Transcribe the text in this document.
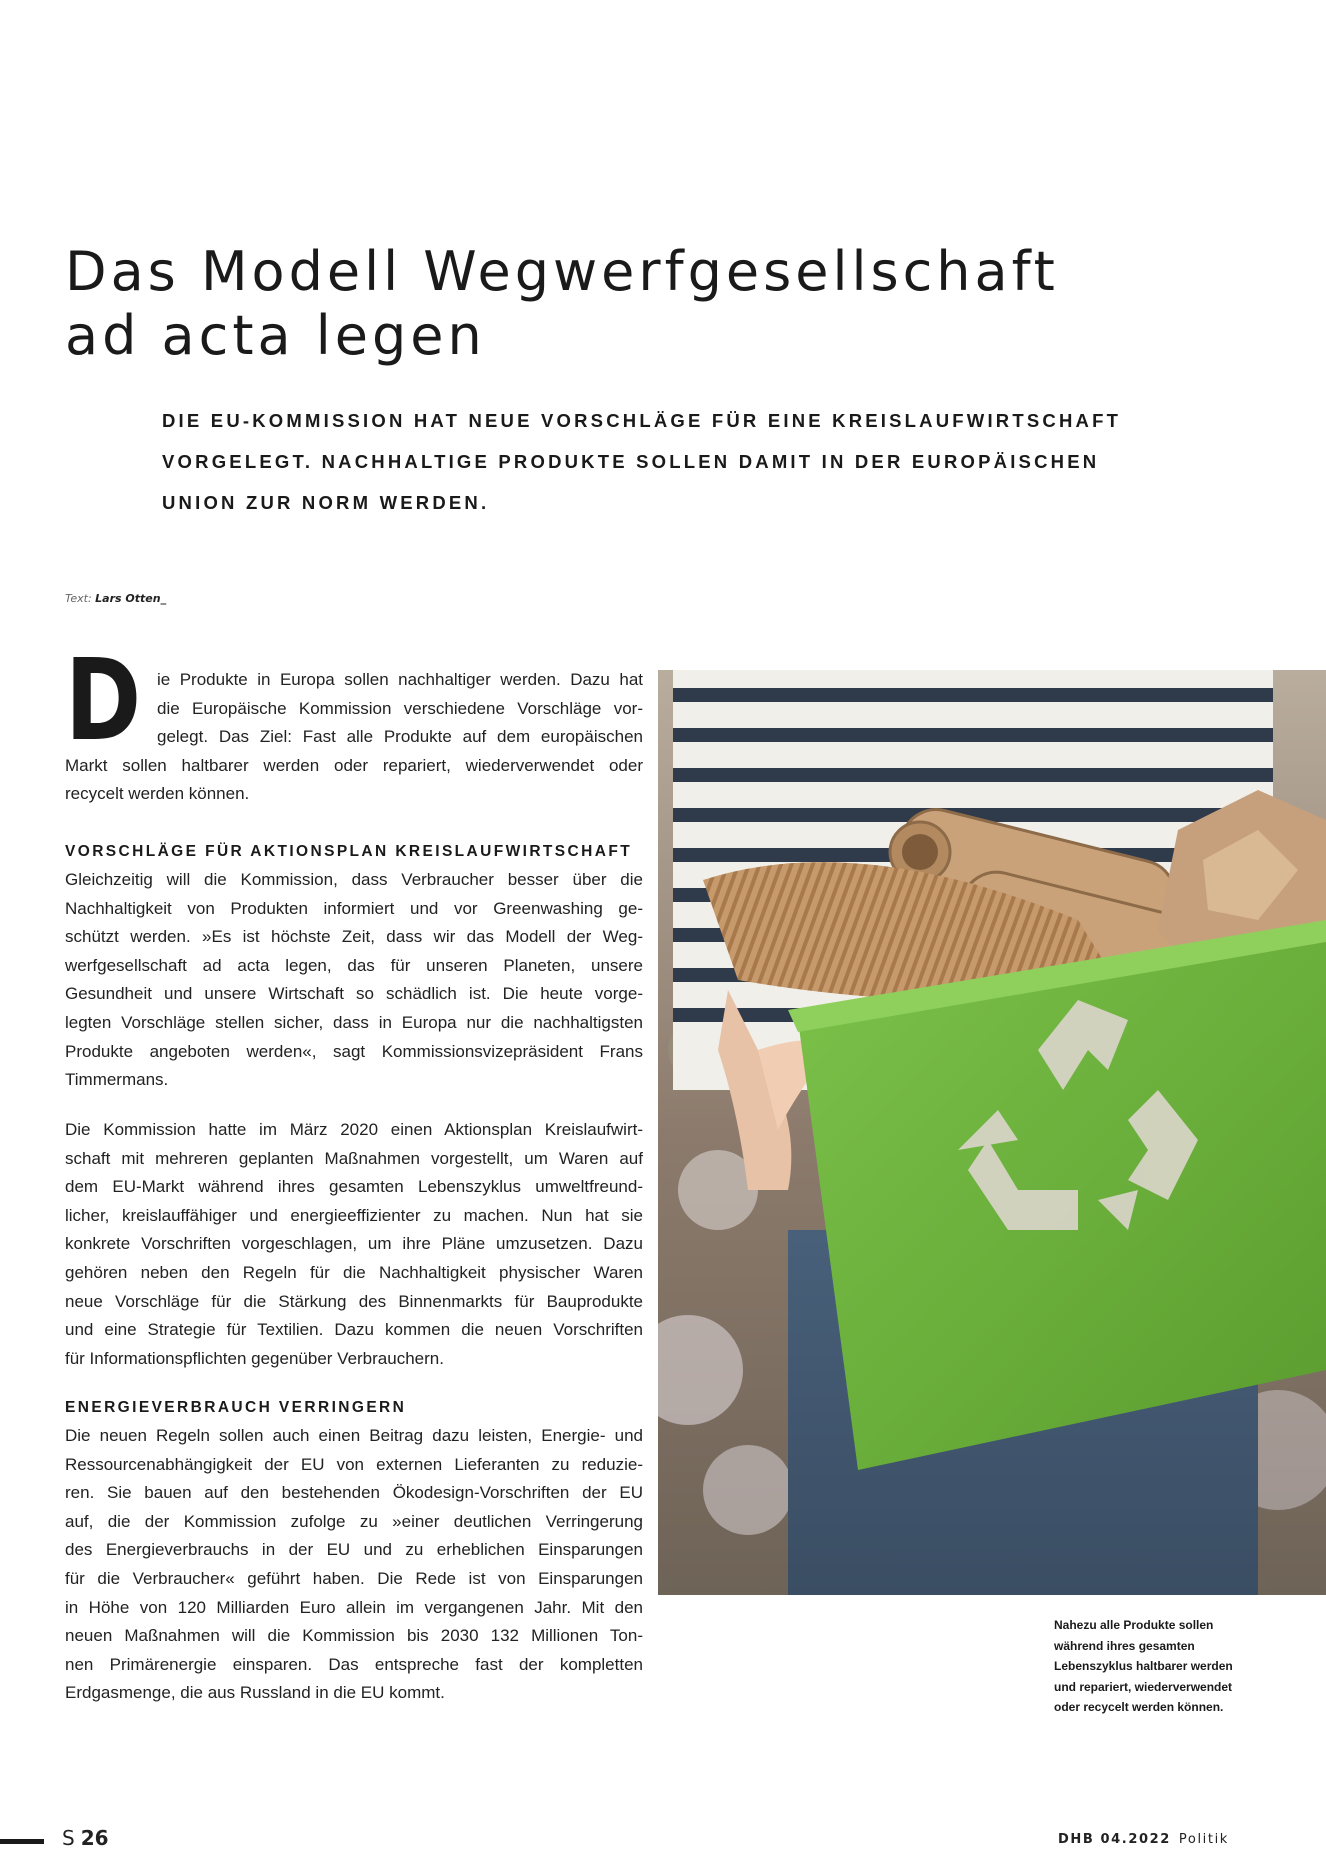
Das Modell Wegwerfgesellschaft
ad acta legen
DIE EU-KOMMISSION HAT NEUE VORSCHLÄGE FÜR EINE KREISLAUFWIRTSCHAFT
VORGELEGT. NACHHALTIGE PRODUKTE SOLLEN DAMIT IN DER EUROPÄISCHEN
UNION ZUR NORM WERDEN.
Text: Lars Otten_
D ie Produkte in Europa sollen nachhaltiger werden. Dazu hat

die Europäische Kommission verschiedene Vorschläge vor-

gelegt. Das Ziel: Fast alle Produkte auf dem europäischen

Markt sollen haltbarer werden oder repariert, wiederverwendet oder

recycelt werden können.

VORSCHLÄGE FÜR AKTIONSPLAN KREISLAUFWIRTSCHAFT

Gleichzeitig will die Kommission, dass Verbraucher besser über die

Nachhaltigkeit von Produkten informiert und vor Greenwashing ge-

schützt werden. »Es ist höchste Zeit, dass wir das Modell der Weg-

werfgesellschaft ad acta legen, das für unseren Planeten, unsere

Gesundheit und unsere Wirtschaft so schädlich ist. Die heute vorge-

legten Vorschläge stellen sicher, dass in Europa nur die nachhaltigsten

Produkte angeboten werden«, sagt Kommissionsvizepräsident Frans

Timmermans.

Die Kommission hatte im März 2020 einen Aktionsplan Kreislaufwirt-

schaft mit mehreren geplanten Maßnahmen vorgestellt, um Waren auf

dem EU-Markt während ihres gesamten Lebenszyklus umweltfreund-

licher, kreislauffähiger und energieeffizienter zu machen. Nun hat sie

konkrete Vorschriften vorgeschlagen, um ihre Pläne umzusetzen. Dazu

gehören neben den Regeln für die Nachhaltigkeit physischer Waren

neue Vorschläge für die Stärkung des Binnenmarkts für Bauprodukte

und eine Strategie für Textilien. Dazu kommen die neuen Vorschriften

für Informationspflichten gegenüber Verbrauchern.

ENERGIEVERBRAUCH VERRINGERN

Die neuen Regeln sollen auch einen Beitrag dazu leisten, Energie- und

Ressourcenabhängigkeit der EU von externen Lieferanten zu reduzie-

ren. Sie bauen auf den bestehenden Ökodesign-Vorschriften der EU

auf, die der Kommission zufolge zu »einer deutlichen Verringerung

des Energieverbrauchs in der EU und zu erheblichen Einsparungen

für die Verbraucher« geführt haben. Die Rede ist von Einsparungen

in Höhe von 120 Milliarden Euro allein im vergangenen Jahr. Mit den

neuen Maßnahmen will die Kommission bis 2030 132 Millionen Ton-

nen Primärenergie einsparen. Das entspreche fast der kompletten

Erdgasmenge, die aus Russland in die EU kommt.

Nahezu alle Produkte sollen
während ihres gesamten
Lebenszyklus haltbarer werden
und repariert, wiederverwendet
oder recycelt werden können.
S 26	DHB 04.2022 Politik
